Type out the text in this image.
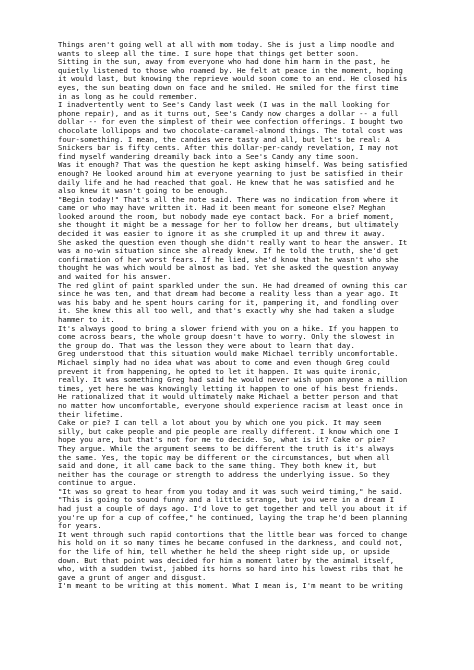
Things aren't going well at all with mom today. She is just a limp noodle and
wants to sleep all the time. I sure hope that things get better soon.

Sitting in the sun, away from everyone who had done him harm in the past, he
quietly listened to those who roamed by. He felt at peace in the moment, hoping
it would last, but knowing the reprieve would soon come to an end. He closed his
eyes, the sun beating down on face and he smiled. He smiled for the first time
in as long as he could remember.

I inadvertently went to See's Candy last week (I was in the mall looking for
phone repair), and as it turns out, See's Candy now charges a dollar -- a full
dollar -- for even the simplest of their wee confection offerings. I bought two
chocolate lollipops and two chocolate-caramel-almond things. The total cost was
four-something. I mean, the candies were tasty and all, but let's be real: A
Snickers bar is fifty cents. After this dollar-per-candy revelation, I may not
find myself wandering dreamily back into a See's Candy any time soon.

Was it enough? That was the question he kept asking himself. Was being satisfied
enough? He looked around him at everyone yearning to just be satisfied in their
daily life and he had reached that goal. He knew that he was satisfied and he
also knew it wasn't going to be enough.

"Begin today!" That's all the note said. There was no indication from where it
came or who may have written it. Had it been meant for someone else? Meghan
looked around the room, but nobody made eye contact back. For a brief moment,
she thought it might be a message for her to follow her dreams, but ultimately
decided it was easier to ignore it as she crumpled it up and threw it away.

She asked the question even though she didn't really want to hear the answer. It
was a no-win situation since she already knew. If he told the truth, she'd get
confirmation of her worst fears. If he lied, she'd know that he wasn't who she
thought he was which would be almost as bad. Yet she asked the question anyway
and waited for his answer.

The red glint of paint sparkled under the sun. He had dreamed of owning this car
since he was ten, and that dream had become a reality less than a year ago. It
was his baby and he spent hours caring for it, pampering it, and fondling over
it. She knew this all too well, and that's exactly why she had taken a sludge
hammer to it.

It's always good to bring a slower friend with you on a hike. If you happen to
come across bears, the whole group doesn't have to worry. Only the slowest in
the group do. That was the lesson they were about to learn that day.

Greg understood that this situation would make Michael terribly uncomfortable.
Michael simply had no idea what was about to come and even though Greg could
prevent it from happening, he opted to let it happen. It was quite ironic,
really. It was something Greg had said he would never wish upon anyone a million
times, yet here he was knowingly letting it happen to one of his best friends.
He rationalized that it would ultimately make Michael a better person and that
no matter how uncomfortable, everyone should experience racism at least once in
their lifetime.

Cake or pie? I can tell a lot about you by which one you pick. It may seem
silly, but cake people and pie people are really different. I know which one I
hope you are, but that's not for me to decide. So, what is it? Cake or pie?

They argue. While the argument seems to be different the truth is it's always
the same. Yes, the topic may be different or the circumstances, but when all
said and done, it all came back to the same thing. They both knew it, but
neither has the courage or strength to address the underlying issue. So they
continue to argue.

"It was so great to hear from you today and it was such weird timing," he said.
"This is going to sound funny and a little strange, but you were in a dream I
had just a couple of days ago. I'd love to get together and tell you about it if
you're up for a cup of coffee," he continued, laying the trap he'd been planning
for years.

It went through such rapid contortions that the little bear was forced to change
his hold on it so many times he became confused in the darkness, and could not,
for the life of him, tell whether he held the sheep right side up, or upside
down. But that point was decided for him a moment later by the animal itself,
who, with a sudden twist, jabbed its horns so hard into his lowest ribs that he
gave a grunt of anger and disgust.

I'm meant to be writing at this moment. What I mean is, I'm meant to be writing
